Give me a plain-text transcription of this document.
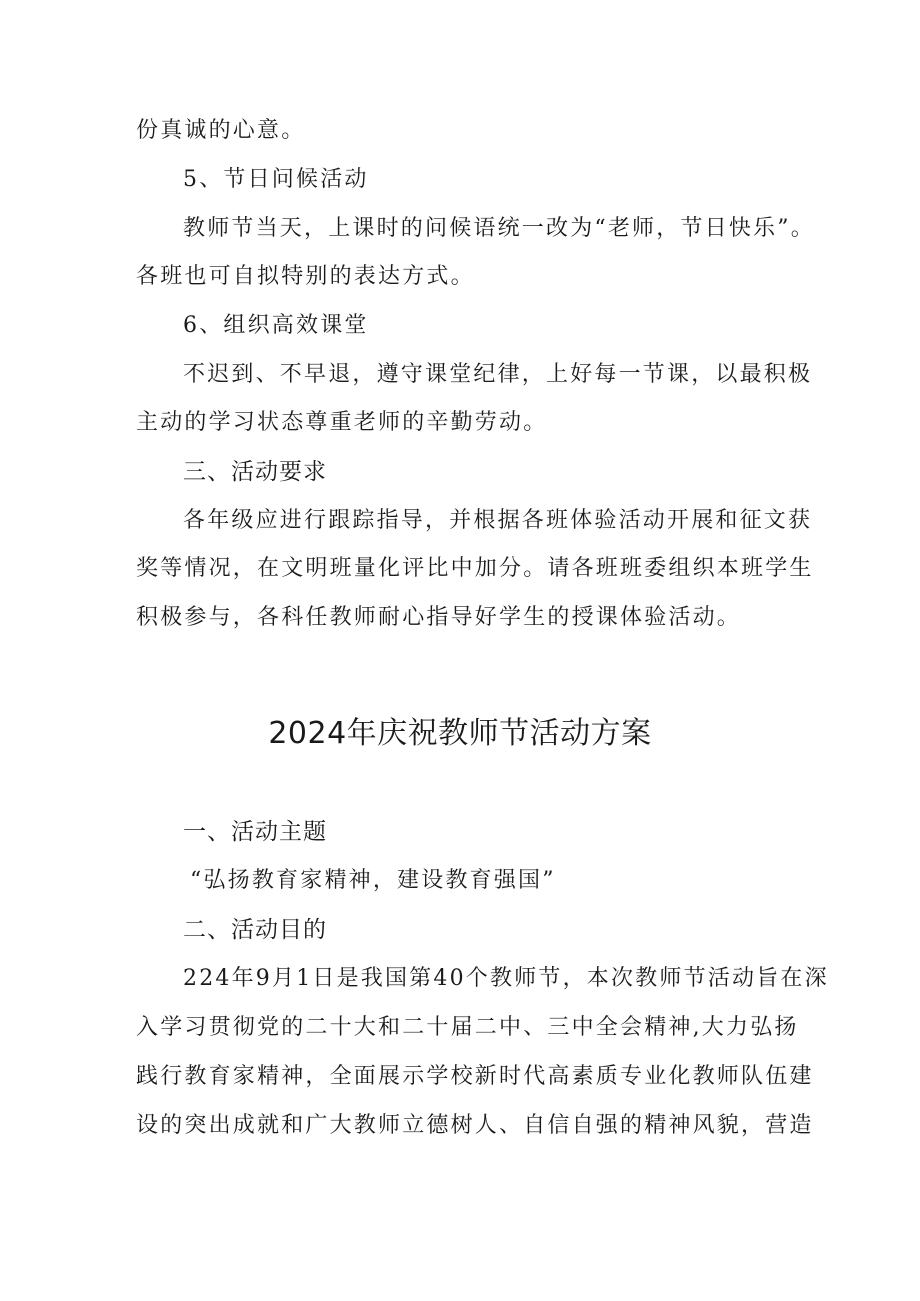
份真诚的心意。
5、节日问候活动
教师节当天，上课时的问候语统一改为“老师，节日快乐”。
各班也可自拟特别的表达方式。
6、组织高效课堂
不迟到、不早退，遵守课堂纪律，上好每一节课，以最积极
主动的学习状态尊重老师的辛勤劳动。
三、活动要求
各年级应进行跟踪指导，并根据各班体验活动开展和征文获
奖等情况，在文明班量化评比中加分。请各班班委组织本班学生
积极参与，各科任教师耐心指导好学生的授课体验活动。
2024年庆祝教师节活动方案
一、活动主题
“弘扬教育家精神，建设教育强国”
二、活动目的
224年9月1日是我国第40个教师节，本次教师节活动旨在深
入学习贯彻党的二十大和二十届二中、三中全会精神,大力弘扬
践行教育家精神，全面展示学校新时代高素质专业化教师队伍建
设的突出成就和广大教师立德树人、自信自强的精神风貌，营造
